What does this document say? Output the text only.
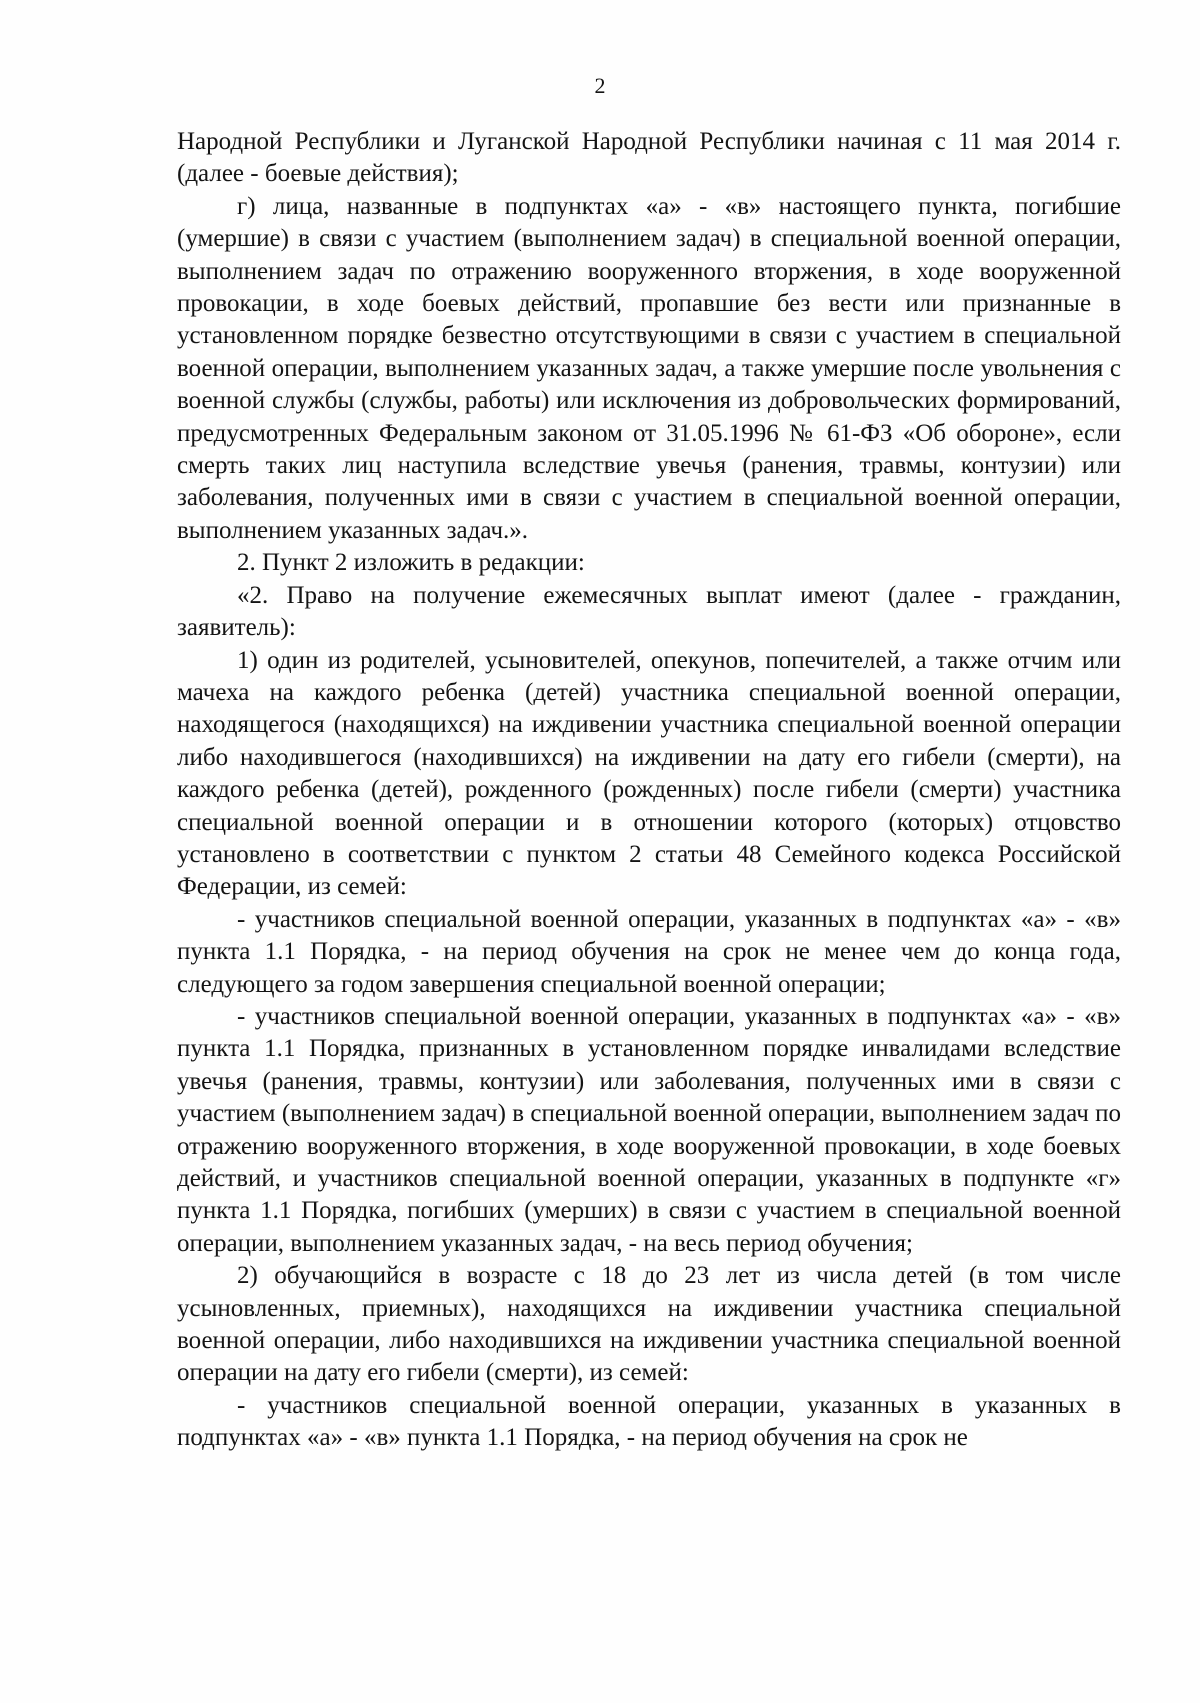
2

Народной Республики и Луганской Народной Республики начиная с 11 мая 2014 г. (далее - боевые действия);

г) лица, названные в подпунктах «а» - «в» настоящего пункта, погибшие (умершие) в связи с участием (выполнением задач) в специальной военной операции, выполнением задач по отражению вооруженного вторжения, в ходе вооруженной провокации, в ходе боевых действий, пропавшие без вести или признанные в установленном порядке безвестно отсутствующими в связи с участием в специальной военной операции, выполнением указанных задач, а также умершие после увольнения с военной службы (службы, работы) или исключения из добровольческих формирований, предусмотренных Федеральным законом от 31.05.1996 № 61-ФЗ «Об обороне», если смерть таких лиц наступила вследствие увечья (ранения, травмы, контузии) или заболевания, полученных ими в связи с участием в специальной военной операции, выполнением указанных задач.».

2. Пункт 2 изложить в редакции:

«2. Право на получение ежемесячных выплат имеют (далее - гражданин, заявитель):

1) один из родителей, усыновителей, опекунов, попечителей, а также отчим или мачеха на каждого ребенка (детей) участника специальной военной операции, находящегося (находящихся) на иждивении участника специальной военной операции либо находившегося (находившихся) на иждивении на дату его гибели (смерти), на каждого ребенка (детей), рожденного (рожденных) после гибели (смерти) участника специальной военной операции и в отношении которого (которых) отцовство установлено в соответствии с пунктом 2 статьи 48 Семейного кодекса Российской Федерации, из семей:

- участников специальной военной операции, указанных в подпунктах «а» - «в» пункта 1.1 Порядка, - на период обучения на срок не менее чем до конца года, следующего за годом завершения специальной военной операции;

- участников специальной военной операции, указанных в подпунктах «а» - «в» пункта 1.1 Порядка, признанных в установленном порядке инвалидами вследствие увечья (ранения, травмы, контузии) или заболевания, полученных ими в связи с участием (выполнением задач) в специальной военной операции, выполнением задач по отражению вооруженного вторжения, в ходе вооруженной провокации, в ходе боевых действий, и участников специальной военной операции, указанных в подпункте «г» пункта 1.1 Порядка, погибших (умерших) в связи с участием в специальной военной операции, выполнением указанных задач, - на весь период обучения;

2) обучающийся в возрасте с 18 до 23 лет из числа детей (в том числе усыновленных, приемных), находящихся на иждивении участника специальной военной операции, либо находившихся на иждивении участника специальной военной операции на дату его гибели (смерти), из семей:

- участников специальной военной операции, указанных в указанных в подпунктах «а» - «в» пункта 1.1 Порядка, - на период обучения на срок не
